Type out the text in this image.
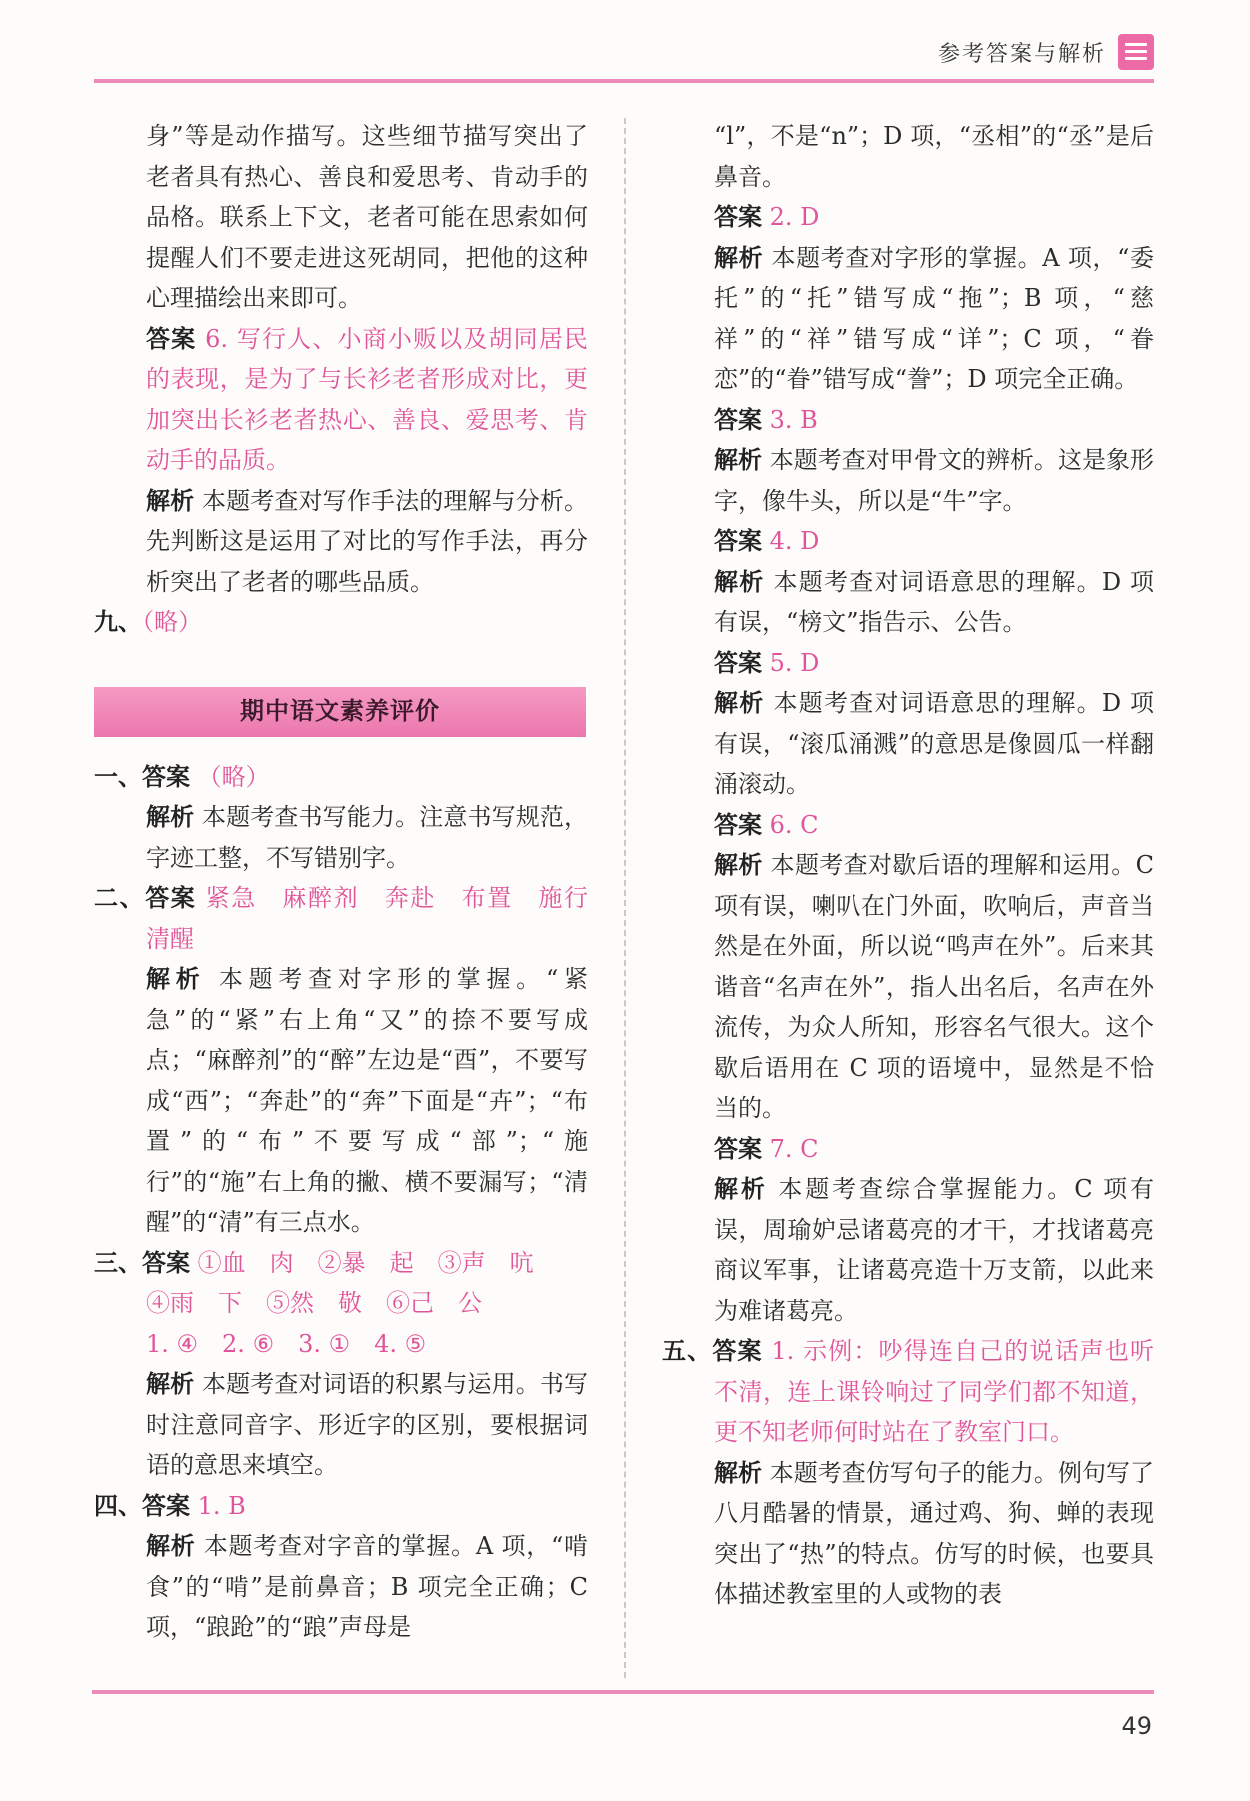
参考答案与解析

身”等是动作描写。这些细节描写突出了老者具有热心、善良和爱思考、肯动手的品格。联系上下文，老者可能在思索如何提醒人们不要走进这死胡同，把他的这种心理描绘出来即可。

答案 6. 写行人、小商小贩以及胡同居民的表现，是为了与长衫老者形成对比，更加突出长衫老者热心、善良、爱思考、肯动手的品质。

解析 本题考查对写作手法的理解与分析。先判断这是运用了对比的写作手法，再分析突出了老者的哪些品质。

九、（略）

期中语文素养评价

一、答案 （略）

解析 本题考查书写能力。注意书写规范，字迹工整，不写错别字。

二、答案 紧急　麻醉剂　奔赴　布置　施行　清醒

解析 本题考查对字形的掌握。“紧急”的“紧”右上角“又”的捺不要写成点；“麻醉剂”的“醉”左边是“酉”，不要写成“西”；“奔赴”的“奔”下面是“卉”；“布置”的“布”不要写成“部”；“施行”的“施”右上角的撇、横不要漏写；“清醒”的“清”有三点水。

三、答案 ①血　肉　②暴　起　③声　吭

④雨　下　⑤然　敬　⑥己　公

1. ④　2. ⑥　3. ①　4. ⑤

解析 本题考查对词语的积累与运用。书写时注意同音字、形近字的区别，要根据词语的意思来填空。

四、答案 1. B

解析 本题考查对字音的掌握。A 项，“啃食”的“啃”是前鼻音；B 项完全正确；C 项，“踉跄”的“踉”声母是

“l”，不是“n”；D 项，“丞相”的“丞”是后鼻音。

答案 2. D

解析 本题考查对字形的掌握。A 项，“委托”的“托”错写成“拖”；B 项，“慈祥”的“祥”错写成“详”；C 项，“眷恋”的“眷”错写成“誊”；D 项完全正确。

答案 3. B

解析 本题考查对甲骨文的辨析。这是象形字，像牛头，所以是“牛”字。

答案 4. D

解析 本题考查对词语意思的理解。D 项有误，“榜文”指告示、公告。

答案 5. D

解析 本题考查对词语意思的理解。D 项有误，“滚瓜涌溅”的意思是像圆瓜一样翻涌滚动。

答案 6. C

解析 本题考查对歇后语的理解和运用。C 项有误，喇叭在门外面，吹响后，声音当然是在外面，所以说“鸣声在外”。后来其谐音“名声在外”，指人出名后，名声在外流传，为众人所知，形容名气很大。这个歇后语用在 C 项的语境中，显然是不恰当的。

答案 7. C

解析 本题考查综合掌握能力。C 项有误，周瑜妒忌诸葛亮的才干，才找诸葛亮商议军事，让诸葛亮造十万支箭，以此来为难诸葛亮。

五、答案 1. 示例：吵得连自己的说话声也听不清，连上课铃响过了同学们都不知道，更不知老师何时站在了教室门口。

解析 本题考查仿写句子的能力。例句写了八月酷暑的情景，通过鸡、狗、蝉的表现突出了“热”的特点。仿写的时候，也要具体描述教室里的人或物的表

49
